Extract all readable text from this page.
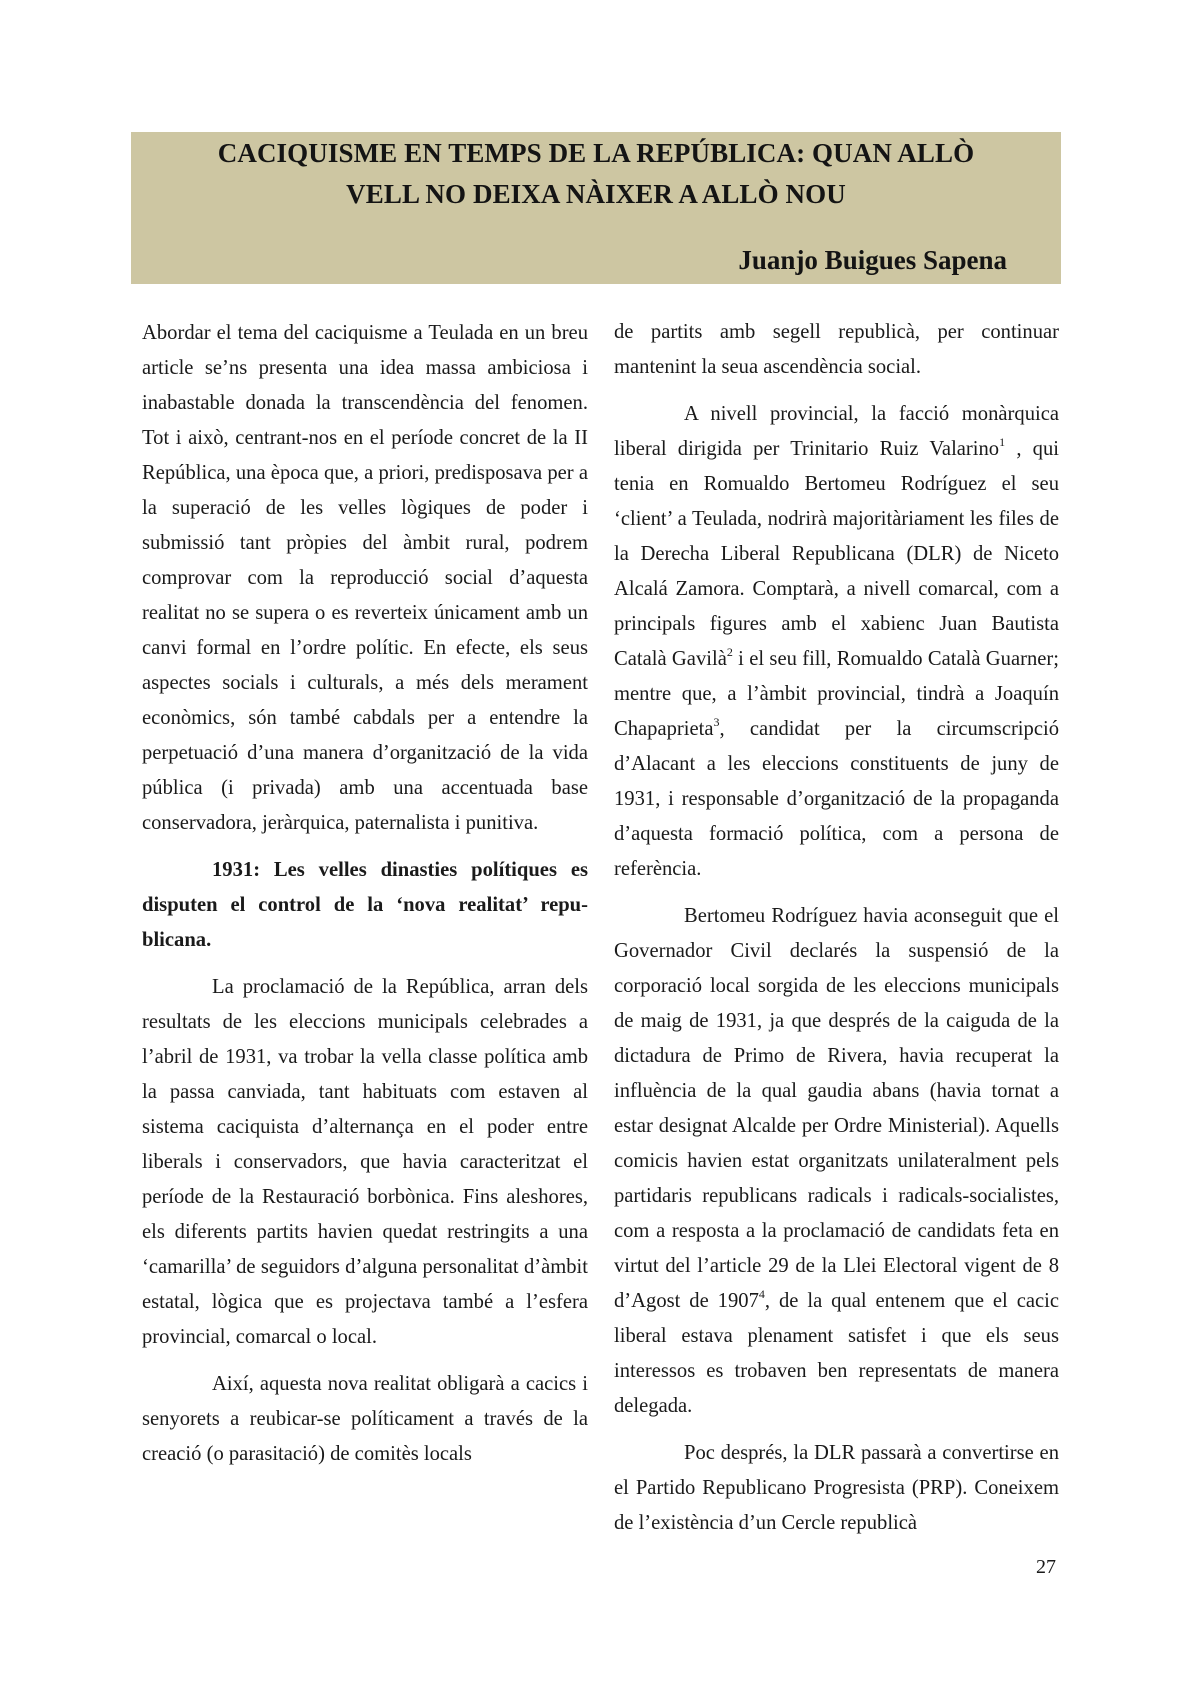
CACIQUISME EN TEMPS DE LA REPÚBLICA: QUAN ALLÒ
VELL NO DEIXA NÀIXER A ALLÒ NOU
Juanjo Buigues Sapena

Abordar el tema del caciquisme a Teulada en un breu article se’ns presenta una idea massa ambiciosa i inabastable donada la transcendència del fenomen. Tot i això, centrant-nos en el període concret de la II República, una època que, a priori, predisposava per a la superació de les velles lògiques de poder i submissió tant pròpies del àmbit rural, podrem comprovar com la reproducció social d’aquesta realitat no se supera o es reverteix únicament amb un canvi formal en l’ordre polític. En efecte, els seus aspectes socials i culturals, a més dels merament econòmics, són també cabdals per a entendre la perpetuació d’una manera d’organització de la vida pública (i privada) amb una accentuada base conservadora, jeràrquica, paternalista i punitiva.

1931: Les velles dinasties polítiques es disputen el control de la ‘nova realitat’ republicana.

La proclamació de la República, arran dels resultats de les eleccions municipals celebrades a l’abril de 1931, va trobar la vella classe política amb la passa canviada, tant habituats com estaven al sistema caciquista d’alternança en el poder entre liberals i conservadors, que havia caracteritzat el període de la Restauració borbònica. Fins aleshores, els diferents partits havien quedat restringits a una ‘camarilla’ de seguidors d’alguna personalitat d’àmbit estatal, lògica que es projectava també a l’esfera provincial, comarcal o local.

Així, aquesta nova realitat obligarà a cacics i senyorets a reubicar-se políticament a través de la creació (o parasitació) de comitès locals

de partits amb segell republicà, per continuar mantenint la seua ascendència social.

A nivell provincial, la facció monàrquica liberal dirigida per Trinitario Ruiz Valarino$^1$ , qui tenia en Romualdo Bertomeu Rodríguez el seu ‘client’ a Teulada, nodrirà majoritàriament les files de la Derecha Liberal Republicana (DLR) de Niceto Alcalá Zamora. Comptarà, a nivell comarcal, com a principals figures amb el xabienc Juan Bautista Català Gavilà$^2$ i el seu fill, Romualdo Català Guarner; mentre que, a l’àmbit provincial, tindrà a Joaquín Chapaprieta$^3$, candidat per la circumscripció d’Alacant a les eleccions constituents de juny de 1931, i responsable d’organització de la propaganda d’aquesta formació política, com a persona de referència.

Bertomeu Rodríguez havia aconseguit que el Governador Civil declarés la suspensió de la corporació local sorgida de les eleccions municipals de maig de 1931, ja que després de la caiguda de la dictadura de Primo de Rivera, havia recuperat la influència de la qual gaudia abans (havia tornat a estar designat Alcalde per Ordre Ministerial). Aquells comicis havien estat organitzats unilateralment pels partidaris republicans radicals i radicals-socialistes, com a resposta a la proclamació de candidats feta en virtut del l’article 29 de la Llei Electoral vigent de 8 d’Agost de 1907$^4$, de la qual entenem que el cacic liberal estava plenament satisfet i que els seus interessos es trobaven ben representats de manera delegada.

Poc després, la DLR passarà a convertirse en el Partido Republicano Progresista (PRP). Coneixem de l’existència d’un Cercle republicà

27
